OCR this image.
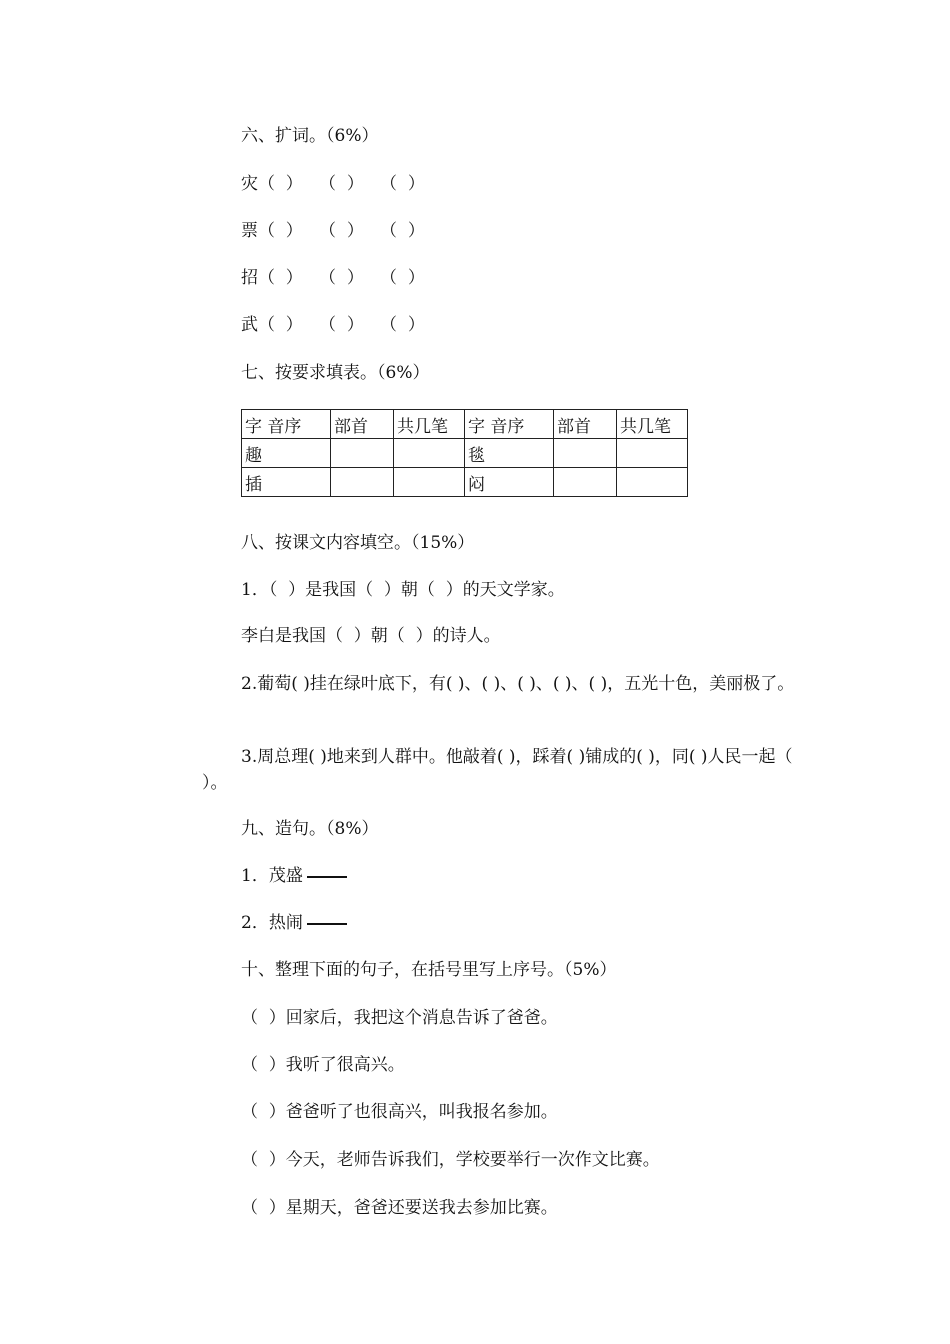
六、扩词。（6%）
灾（  ）   （  ）   （  ）
票（  ）   （  ）   （  ）
招（  ）   （  ）   （  ）
武（  ）   （  ）   （  ）
七、按要求填表。（6%）
字 音序	部首	共几笔	字 音序	部首	共几笔
趣			毯		
插			闷		
八、按课文内容填空。（15%）
1．（  ）是我国（  ）朝（  ）的天文学家。
李白是我国（  ）朝（  ）的诗人。
2.葡萄( )挂在绿叶底下，有( )、( )、( )、( )、( )，五光十色，美丽极了。
3.周总理( )地来到人群中。他敲着( )，踩着( )铺成的( )，同( )人民一起（ ）。
九、造句。（8%）
1．茂盛
2．热闹
十、整理下面的句子，在括号里写上序号。（5%）
（  ）回家后，我把这个消息告诉了爸爸。
（  ）我听了很高兴。
（  ）爸爸听了也很高兴，叫我报名参加。
（  ）今天，老师告诉我们，学校要举行一次作文比赛。
（  ）星期天，爸爸还要送我去参加比赛。
